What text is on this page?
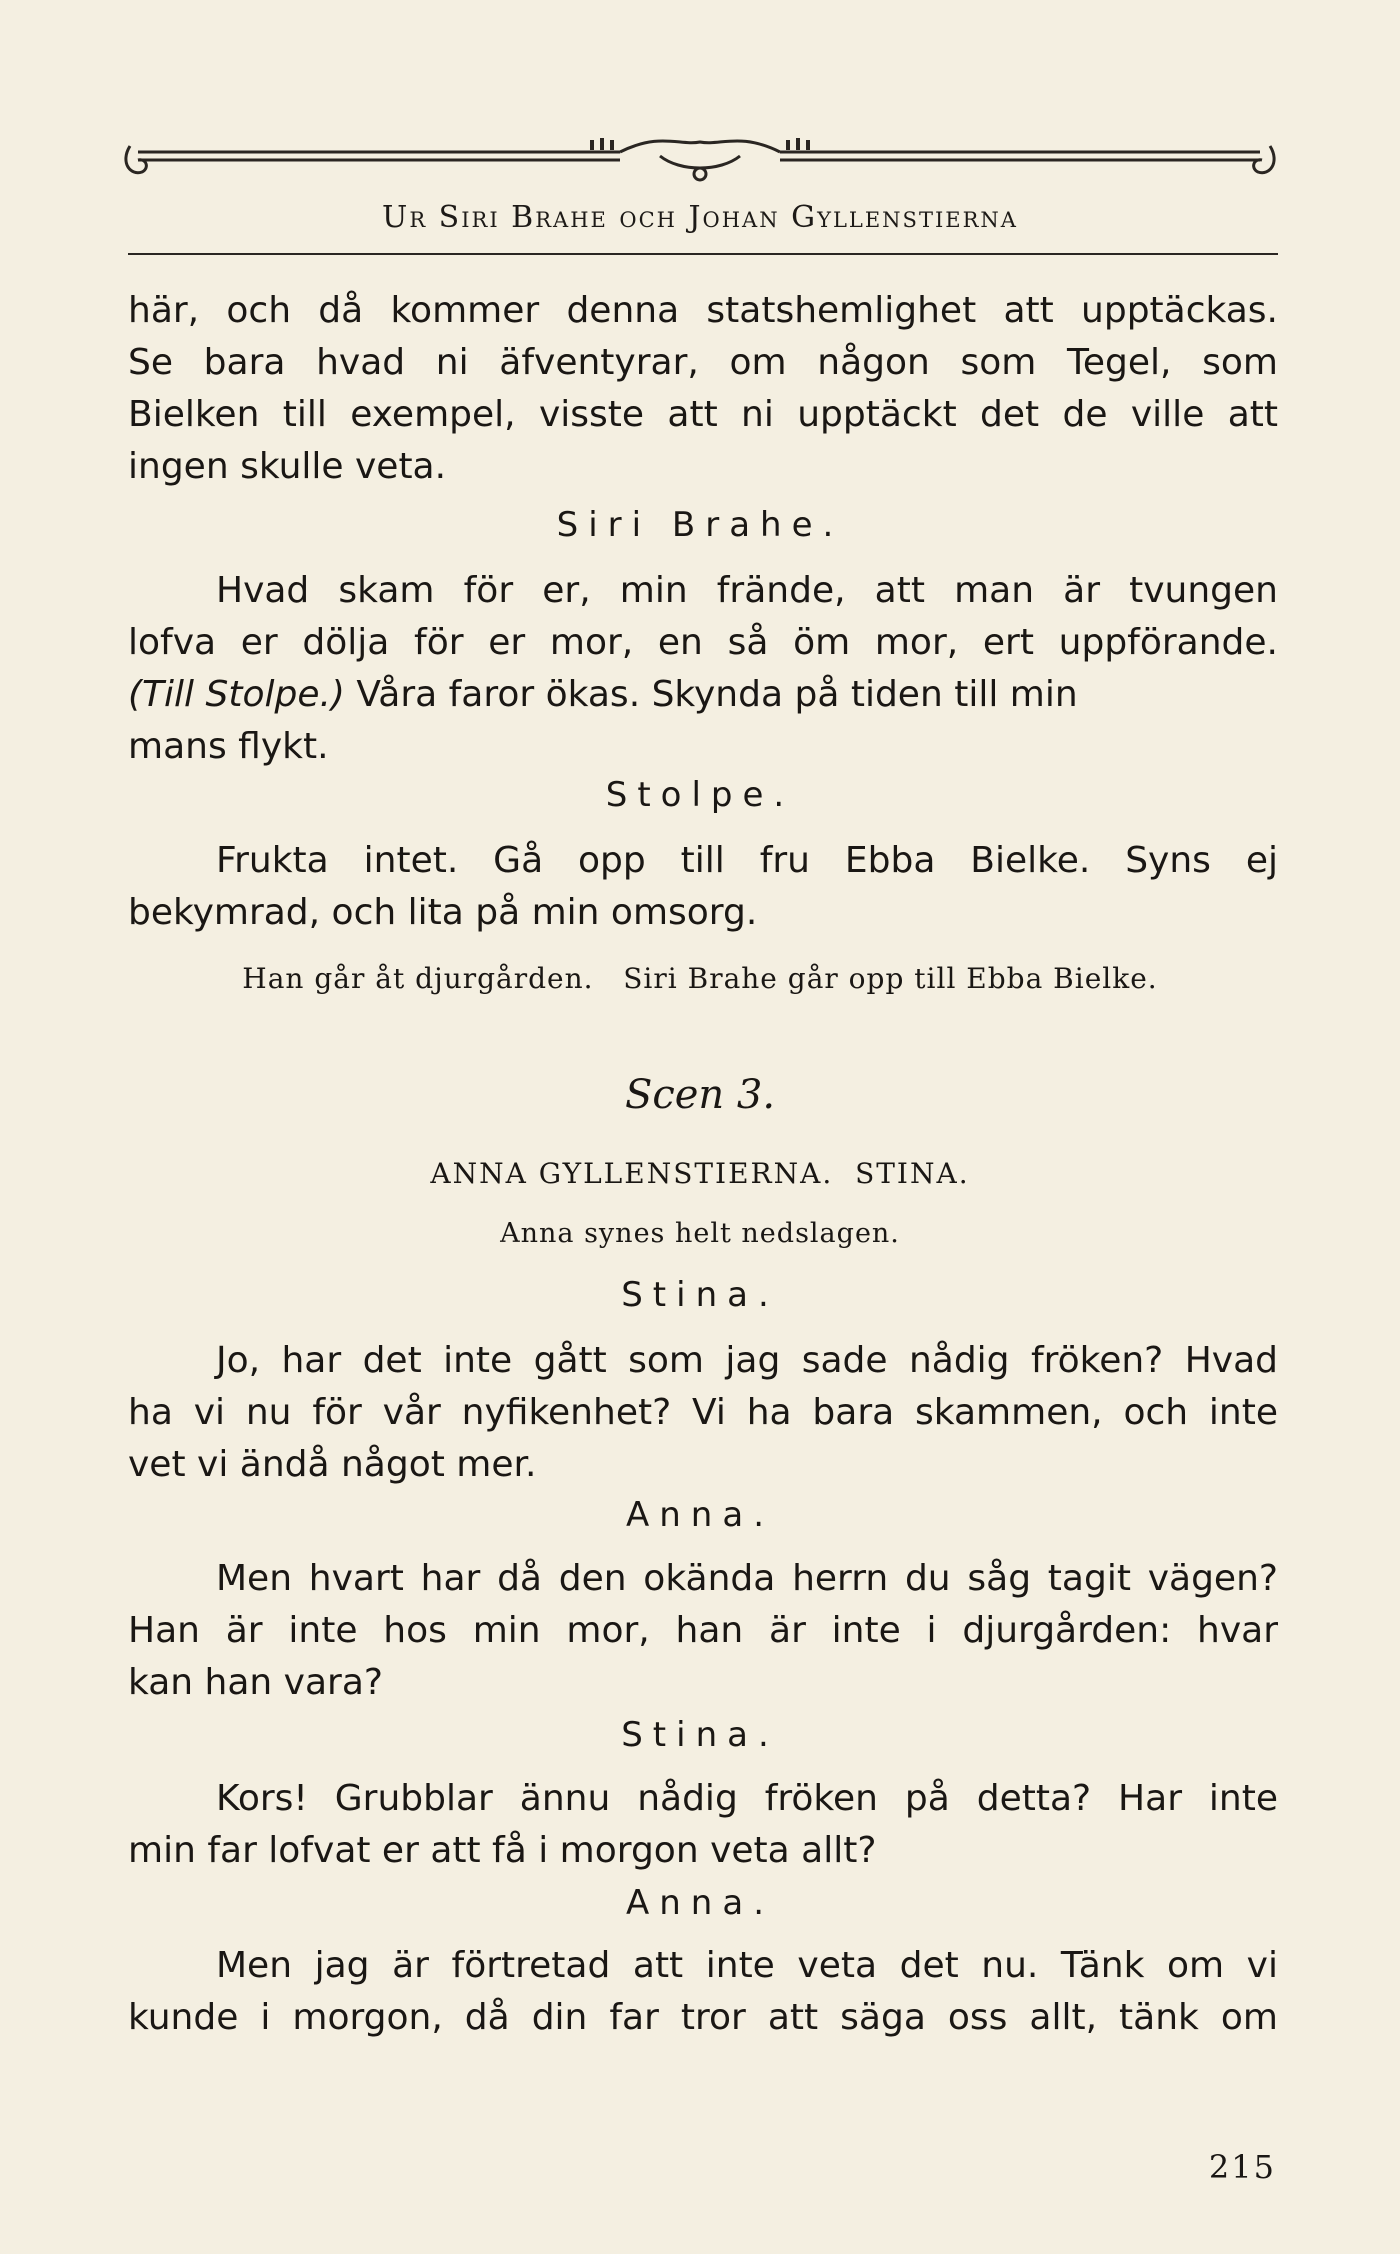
Ur Siri Brahe och Johan Gyllenstierna
här, och då kommer denna statshemlighet att upptäckas.
Se bara hvad ni äfventyrar, om någon som Tegel, som
Bielken till exempel, visste att ni upptäckt det de ville att
ingen skulle veta.
Siri Brahe.
Hvad skam för er, min frände, att man är tvungen
lofva er dölja för er mor, en så öm mor, ert uppförande.
(Till Stolpe.) Våra faror ökas. Skynda på tiden till min
mans flykt.
Stolpe.
Frukta intet. Gå opp till fru Ebba Bielke. Syns ej
bekymrad, och lita på min omsorg.
Han går åt djurgården.   Siri Brahe går opp till Ebba Bielke.
Scen 3.
ANNA GYLLENSTIERNA.  STINA.
Anna synes helt nedslagen.
Stina.
Jo, har det inte gått som jag sade nådig fröken? Hvad
ha vi nu för vår nyfikenhet? Vi ha bara skammen, och inte
vet vi ändå något mer.
Anna.
Men hvart har då den okända herrn du såg tagit vägen?
Han är inte hos min mor, han är inte i djurgården: hvar
kan han vara?
Stina.
Kors! Grubblar ännu nådig fröken på detta? Har inte
min far lofvat er att få i morgon veta allt?
Anna.
Men jag är förtretad att inte veta det nu. Tänk om vi
kunde i morgon, då din far tror att säga oss allt, tänk om
215
